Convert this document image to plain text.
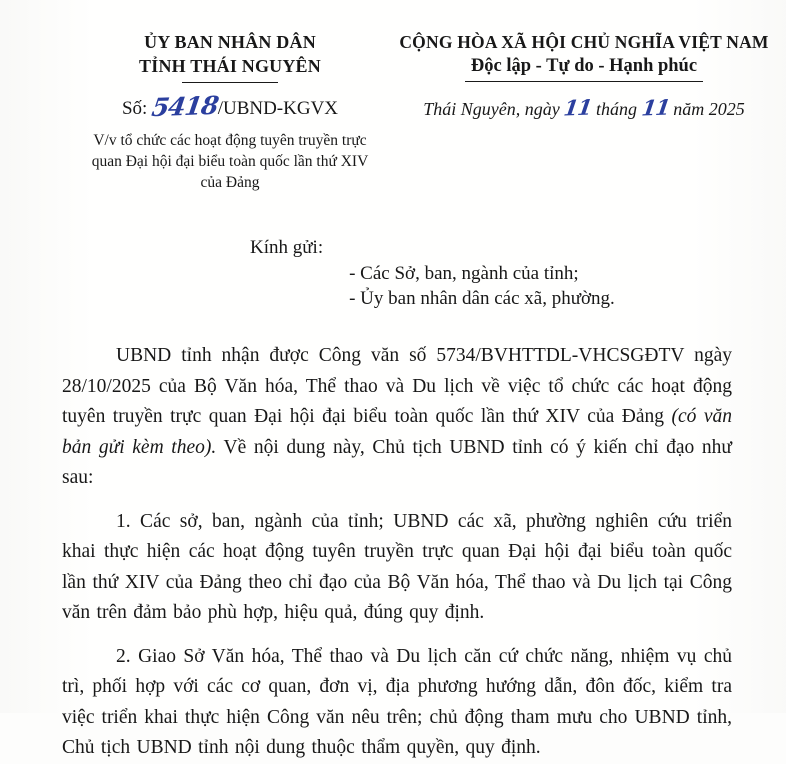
ỦY BAN NHÂN DÂN
TỈNH THÁI NGUYÊN
Số: 5418/UBND-KGVX
V/v tổ chức các hoạt động tuyên truyền trực quan Đại hội đại biểu toàn quốc lần thứ XIV của Đảng
CỘNG HÒA XÃ HỘI CHỦ NGHĨA VIỆT NAM
Độc lập - Tự do - Hạnh phúc
Thái Nguyên, ngày 11 tháng 11 năm 2025
Kính gửi:
- Các Sở, ban, ngành của tỉnh;
- Ủy ban nhân dân các xã, phường.

UBND tỉnh nhận được Công văn số 5734/BVHTTDL-VHCSGĐTV ngày 28/10/2025 của Bộ Văn hóa, Thể thao và Du lịch về việc tổ chức các hoạt động tuyên truyền trực quan Đại hội đại biểu toàn quốc lần thứ XIV của Đảng (có văn bản gửi kèm theo). Về nội dung này, Chủ tịch UBND tỉnh có ý kiến chỉ đạo như sau:

1. Các sở, ban, ngành của tỉnh; UBND các xã, phường nghiên cứu triển khai thực hiện các hoạt động tuyên truyền trực quan Đại hội đại biểu toàn quốc lần thứ XIV của Đảng theo chỉ đạo của Bộ Văn hóa, Thể thao và Du lịch tại Công văn trên đảm bảo phù hợp, hiệu quả, đúng quy định.

2. Giao Sở Văn hóa, Thể thao và Du lịch căn cứ chức năng, nhiệm vụ chủ trì, phối hợp với các cơ quan, đơn vị, địa phương hướng dẫn, đôn đốc, kiểm tra việc triển khai thực hiện Công văn nêu trên; chủ động tham mưu cho UBND tỉnh, Chủ tịch UBND tỉnh nội dung thuộc thẩm quyền, quy định.
